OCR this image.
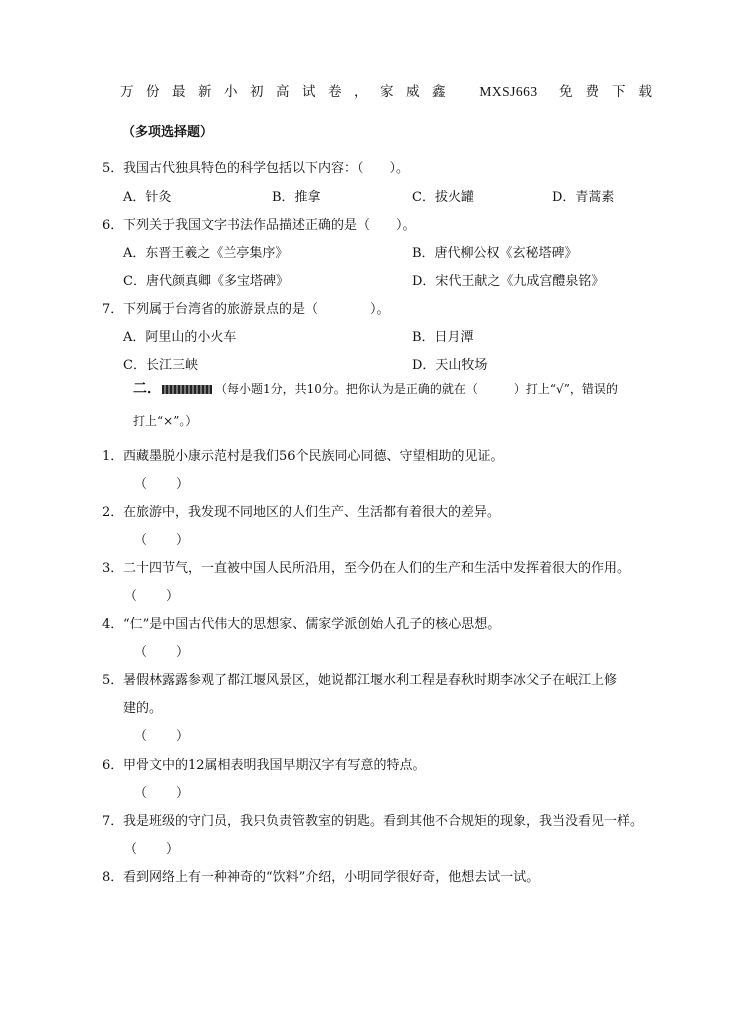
万份最新小初高试卷，家威鑫 MXSJ663 免费下载
（多项选择题）
5．我国古代独具特色的科学包括以下内容：（　　）。
A．针灸	B．推拿	C．拔火罐	D．青蒿素
6．下列关于我国文字书法作品描述正确的是（　　）。
A．东晋王羲之《兰亭集序》	B．唐代柳公权《玄秘塔碑》
C．唐代颜真卿《多宝塔碑》	D．宋代王献之《九成宫醴泉铭》
7．下列属于台湾省的旅游景点的是（　　　　）。
A．阿里山的小火车	B．日月潭
C．长江三峡	D．天山牧场
二．	（每小题1分，共10分。把你认为是正确的就在（　　　）打上“√”，错误的
打上“×”。）
1．西藏墨脱小康示范村是我们56个民族同心同德、守望相助的见证。
（　　）
2．在旅游中，我发现不同地区的人们生产、生活都有着很大的差异。
（　　）
3．二十四节气，一直被中国人民所沿用，至今仍在人们的生产和生活中发挥着很大的作用。
（　　）
4．“仁”是中国古代伟大的思想家、儒家学派创始人孔子的核心思想。
（　　）
5．暑假林露露参观了都江堰风景区，她说都江堰水利工程是春秋时期李冰父子在岷江上修
建的。
（　　）
6．甲骨文中的12属相表明我国早期汉字有写意的特点。
（　　）
7．我是班级的守门员，我只负责管教室的钥匙。看到其他不合规矩的现象，我当没看见一样。
（　　）
8．看到网络上有一种神奇的“饮料”介绍，小明同学很好奇，他想去试一试。
